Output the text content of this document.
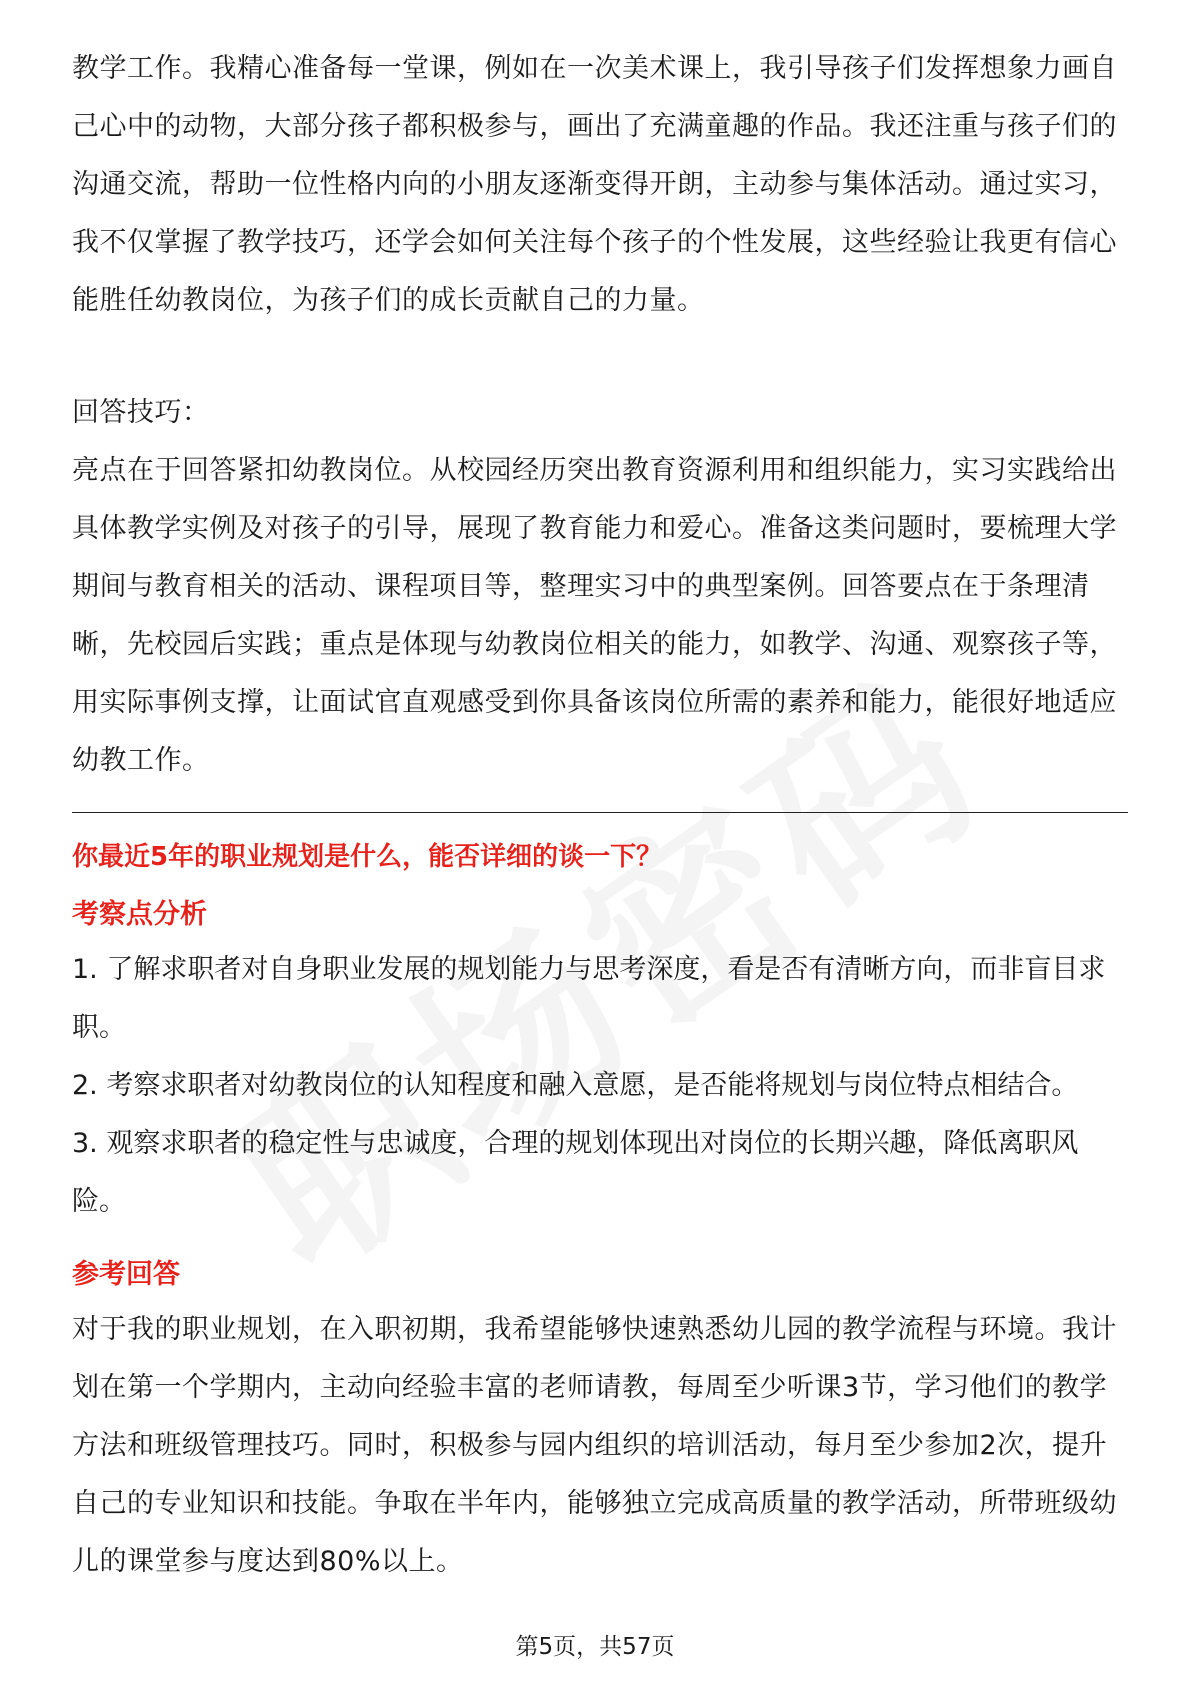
教学工作。我精心准备每一堂课，例如在一次美术课上，我引导孩子们发挥想象力画自己心中的动物，大部分孩子都积极参与，画出了充满童趣的作品。我还注重与孩子们的沟通交流，帮助一位性格内向的小朋友逐渐变得开朗，主动参与集体活动。通过实习，我不仅掌握了教学技巧，还学会如何关注每个孩子的个性发展，这些经验让我更有信心能胜任幼教岗位，为孩子们的成长贡献自己的力量。

回答技巧：

亮点在于回答紧扣幼教岗位。从校园经历突出教育资源利用和组织能力，实习实践给出具体教学实例及对孩子的引导，展现了教育能力和爱心。准备这类问题时，要梳理大学期间与教育相关的活动、课程项目等，整理实习中的典型案例。回答要点在于条理清晰，先校园后实践；重点是体现与幼教岗位相关的能力，如教学、沟通、观察孩子等，用实际事例支撑，让面试官直观感受到你具备该岗位所需的素养和能力，能很好地适应幼教工作。

你最近5年的职业规划是什么，能否详细的谈一下？

考察点分析

1. 了解求职者对自身职业发展的规划能力与思考深度，看是否有清晰方向，而非盲目求职。

2. 考察求职者对幼教岗位的认知程度和融入意愿，是否能将规划与岗位特点相结合。

3. 观察求职者的稳定性与忠诚度，合理的规划体现出对岗位的长期兴趣，降低离职风险。

参考回答

对于我的职业规划，在入职初期，我希望能够快速熟悉幼儿园的教学流程与环境。我计划在第一个学期内，主动向经验丰富的老师请教，每周至少听课3节，学习他们的教学方法和班级管理技巧。同时，积极参与园内组织的培训活动，每月至少参加2次，提升自己的专业知识和技能。争取在半年内，能够独立完成高质量的教学活动，所带班级幼儿的课堂参与度达到80%以上。

第5页，共57页
